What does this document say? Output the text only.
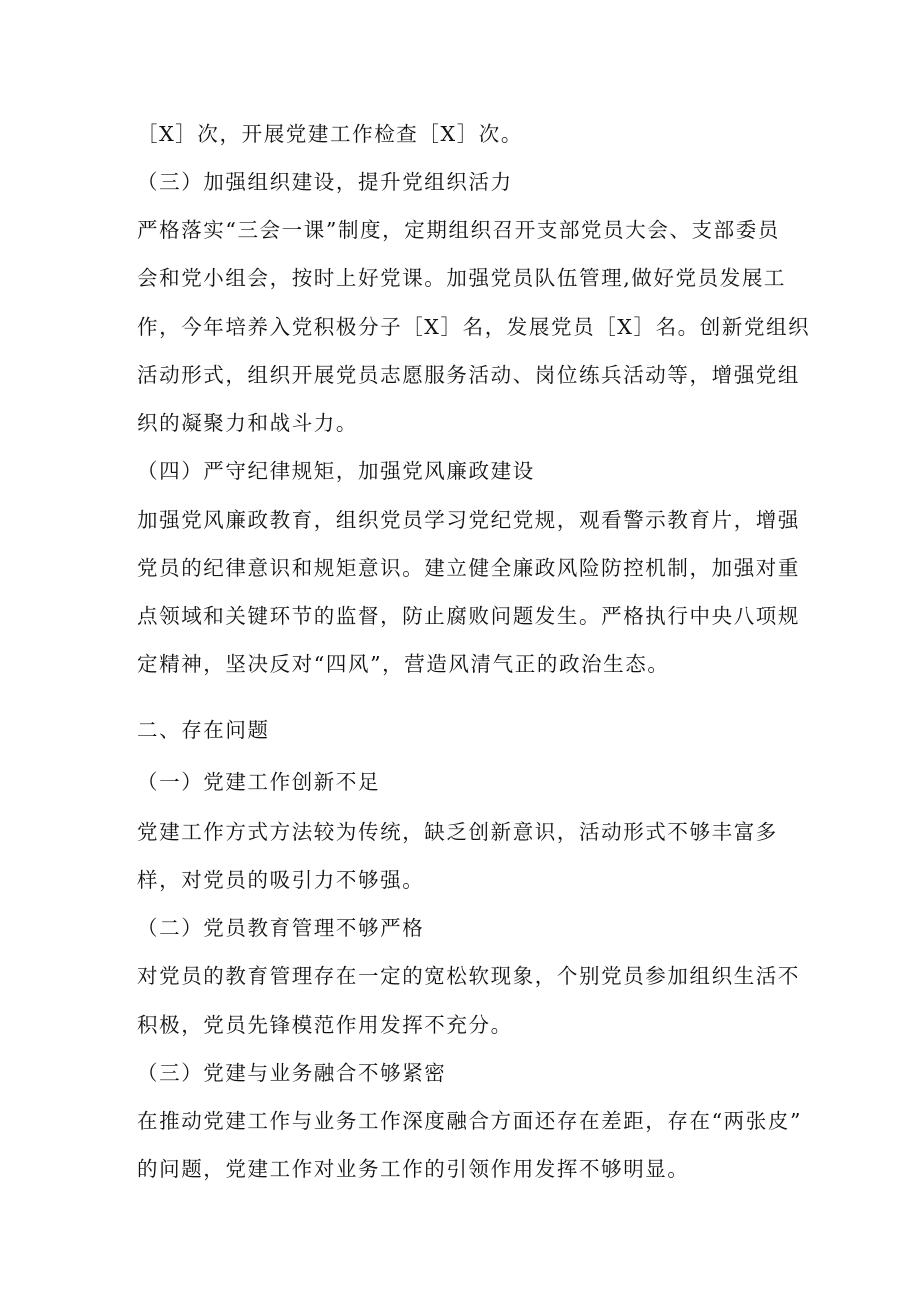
［X］次，开展党建工作检查［X］次。
（三）加强组织建设，提升党组织活力
严格落实“三会一课”制度，定期组织召开支部党员大会、支部委员
会和党小组会，按时上好党课。加强党员队伍管理,做好党员发展工
作，今年培养入党积极分子［X］名，发展党员［X］名。创新党组织
活动形式，组织开展党员志愿服务活动、岗位练兵活动等，增强党组
织的凝聚力和战斗力。
（四）严守纪律规矩，加强党风廉政建设
加强党风廉政教育，组织党员学习党纪党规，观看警示教育片，增强
党员的纪律意识和规矩意识。建立健全廉政风险防控机制，加强对重
点领域和关键环节的监督，防止腐败问题发生。严格执行中央八项规
定精神，坚决反对“四风”，营造风清气正的政治生态。
二、存在问题
（一）党建工作创新不足
党建工作方式方法较为传统，缺乏创新意识，活动形式不够丰富多
样，对党员的吸引力不够强。
（二）党员教育管理不够严格
对党员的教育管理存在一定的宽松软现象，个别党员参加组织生活不
积极，党员先锋模范作用发挥不充分。
（三）党建与业务融合不够紧密
在推动党建工作与业务工作深度融合方面还存在差距，存在“两张皮”
的问题，党建工作对业务工作的引领作用发挥不够明显。
